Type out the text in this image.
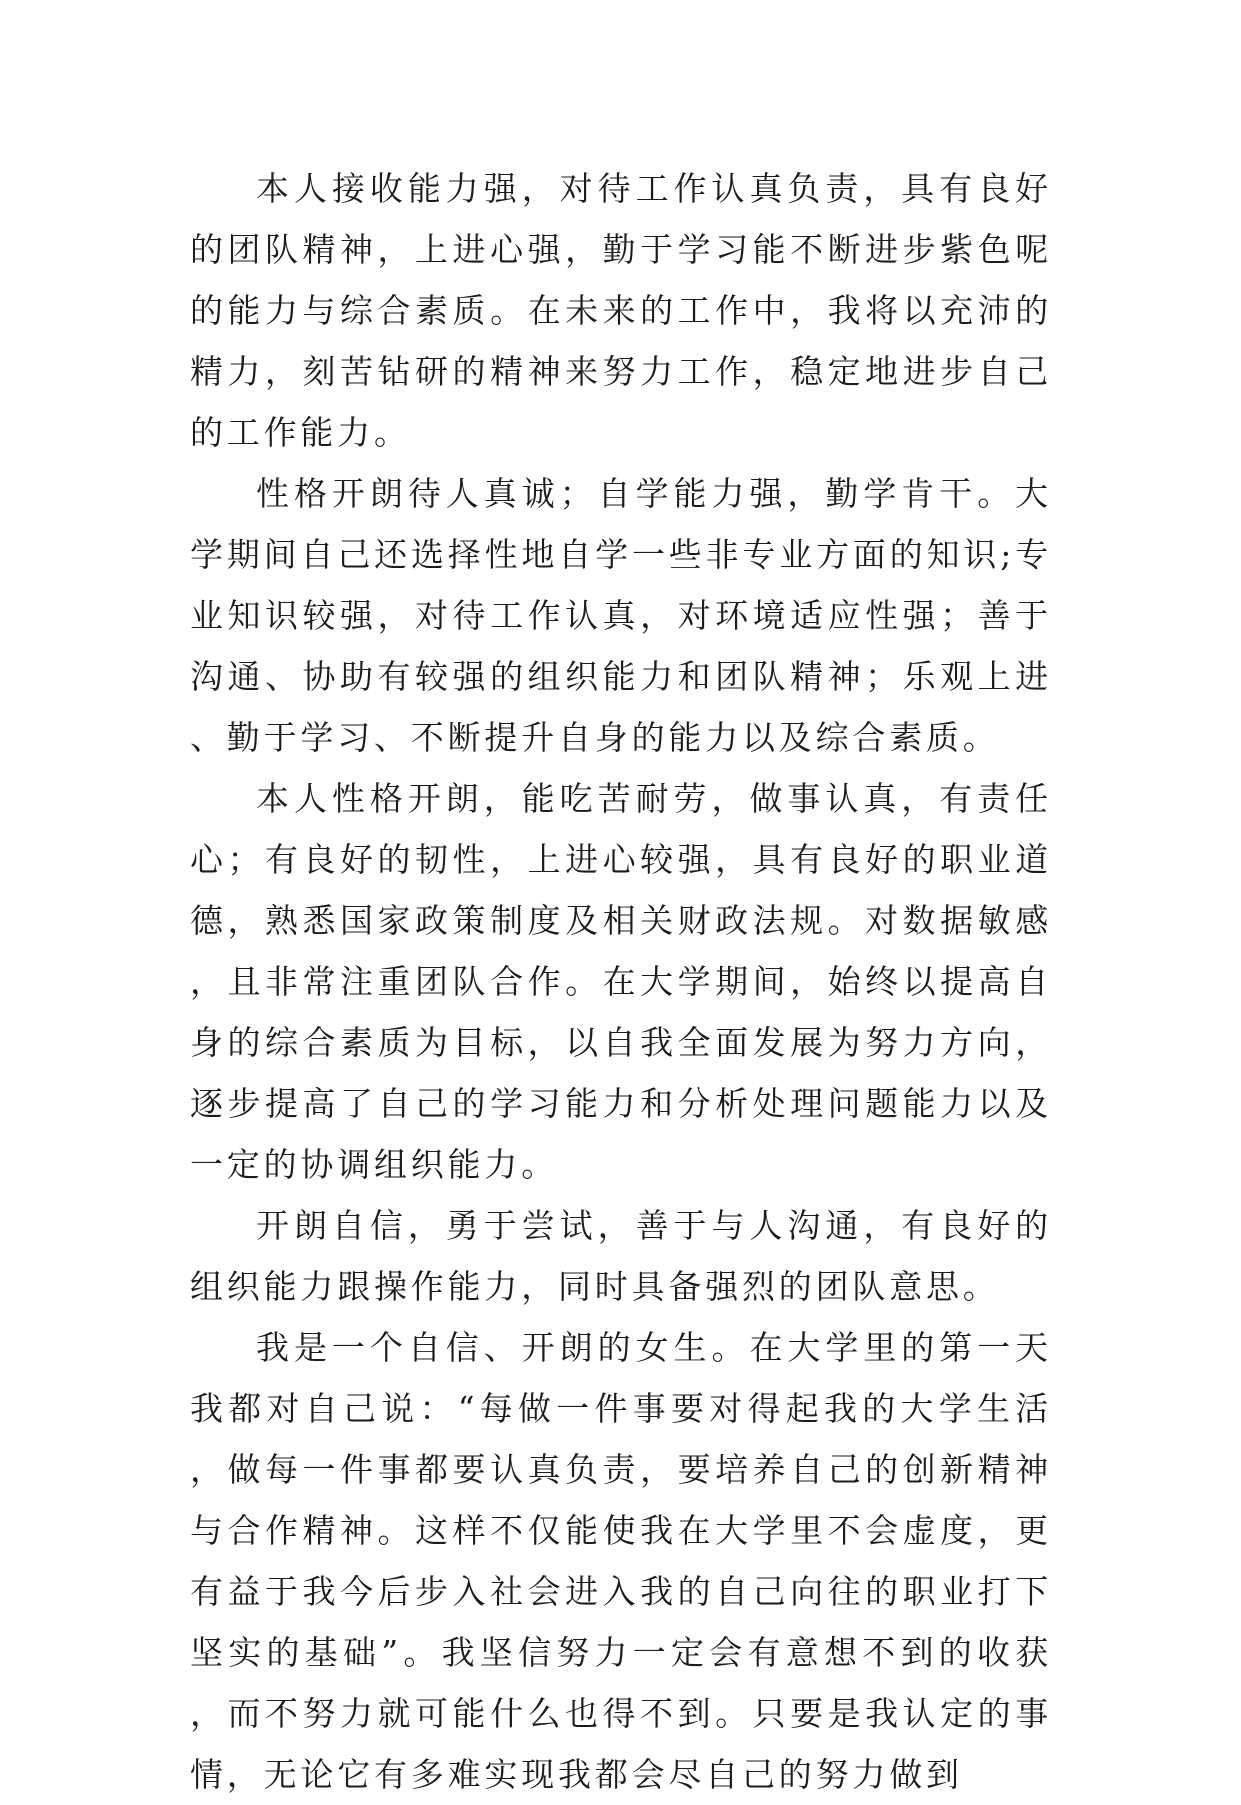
本人接收能力强，对待工作认真负责，具有良好的团队精神，上进心强，勤于学习能不断进步紫色呢的能力与综合素质。在未来的工作中，我将以充沛的精力，刻苦钻研的精神来努力工作，稳定地进步自己的工作能力。

性格开朗待人真诚；自学能力强，勤学肯干。大学期间自己还选择性地自学一些非专业方面的知识;专业知识较强，对待工作认真，对环境适应性强；善于沟通、协助有较强的组织能力和团队精神；乐观上进、勤于学习、不断提升自身的能力以及综合素质。

本人性格开朗，能吃苦耐劳，做事认真，有责任心；有良好的韧性，上进心较强，具有良好的职业道德，熟悉国家政策制度及相关财政法规。对数据敏感，且非常注重团队合作。在大学期间，始终以提高自身的综合素质为目标，以自我全面发展为努力方向，逐步提高了自己的学习能力和分析处理问题能力以及一定的协调组织能力。

开朗自信，勇于尝试，善于与人沟通，有良好的组织能力跟操作能力，同时具备强烈的团队意思。

我是一个自信、开朗的女生。在大学里的第一天我都对自己说：“每做一件事要对得起我的大学生活，做每一件事都要认真负责，要培养自己的创新精神与合作精神。这样不仅能使我在大学里不会虚度，更有益于我今后步入社会进入我的自己向往的职业打下坚实的基础”。我坚信努力一定会有意想不到的收获，而不努力就可能什么也得不到。只要是我认定的事情，无论它有多难实现我都会尽自己的努力做到
